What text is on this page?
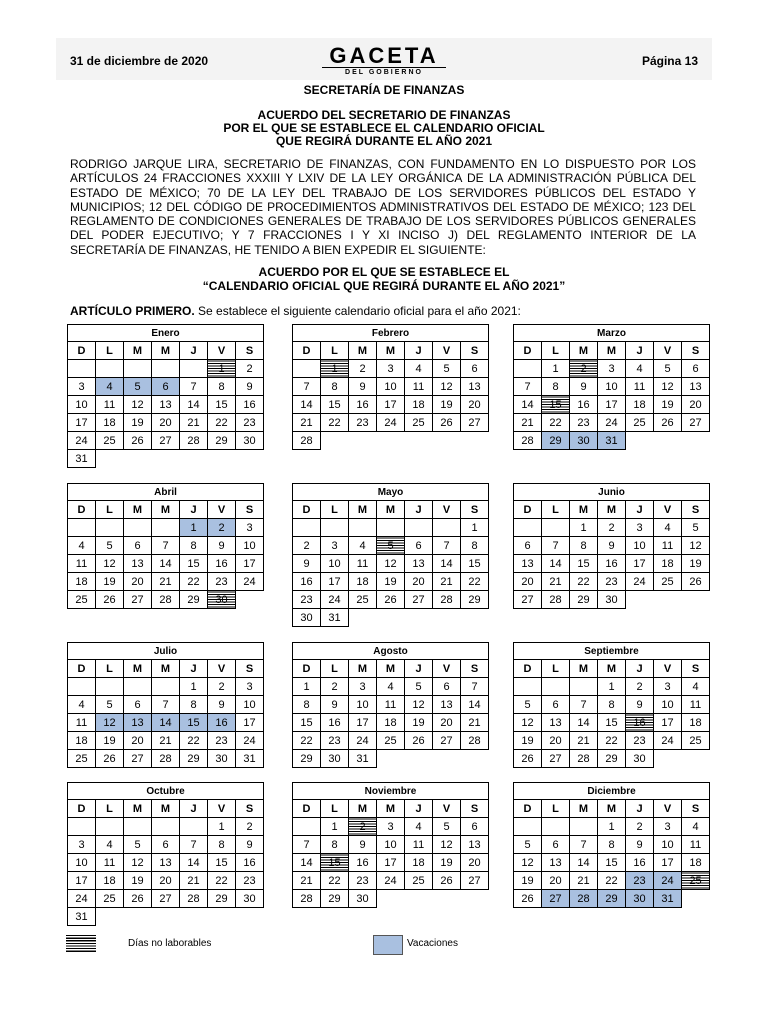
31 de diciembre de 2020	GACETA
DEL GOBIERNO
Página 13
SECRETARÍA DE FINANZAS
ACUERDO DEL SECRETARIO DE FINANZAS
POR EL QUE SE ESTABLECE EL CALENDARIO OFICIAL
QUE REGIRÁ DURANTE EL AÑO 2021
RODRIGO JARQUE LIRA, SECRETARIO DE FINANZAS, CON FUNDAMENTO EN LO DISPUESTO POR LOS ARTÍCULOS 24 FRACCIONES XXXIII Y LXIV DE LA LEY ORGÁNICA DE LA ADMINISTRACIÓN PÚBLICA DEL ESTADO DE MÉXICO; 70 DE LA LEY DEL TRABAJO DE LOS SERVIDORES PÚBLICOS DEL ESTADO Y MUNICIPIOS; 12 DEL CÓDIGO DE PROCEDIMIENTOS ADMINISTRATIVOS DEL ESTADO DE MÉXICO; 123 DEL REGLAMENTO DE CONDICIONES GENERALES DE TRABAJO DE LOS SERVIDORES PÚBLICOS GENERALES DEL PODER EJECUTIVO; Y 7 FRACCIONES I Y XI INCISO J) DEL REGLAMENTO INTERIOR DE LA SECRETARÍA DE FINANZAS, HE TENIDO A BIEN EXPEDIR EL SIGUIENTE:
ACUERDO POR EL QUE SE ESTABLECE EL
“CALENDARIO OFICIAL QUE REGIRÁ DURANTE EL AÑO 2021”
ARTÍCULO PRIMERO. Se establece el siguiente calendario oficial para el año 2021:
Enero						
D	L	M	M	J	V	S
					1	2
3	4	5	6	7	8	9
10	11	12	13	14	15	16
17	18	19	20	21	22	23
24	25	26	27	28	29	30
31						
Febrero						
D	L	M	M	J	V	S
	1	2	3	4	5	6
7	8	9	10	11	12	13
14	15	16	17	18	19	20
21	22	23	24	25	26	27
28						
Marzo						
D	L	M	M	J	V	S
	1	2	3	4	5	6
7	8	9	10	11	12	13
14	15	16	17	18	19	20
21	22	23	24	25	26	27
28	29	30	31			
Abril						
D	L	M	M	J	V	S
				1	2	3
4	5	6	7	8	9	10
11	12	13	14	15	16	17
18	19	20	21	22	23	24
25	26	27	28	29	30	
Mayo						
D	L	M	M	J	V	S
						1
2	3	4	5	6	7	8
9	10	11	12	13	14	15
16	17	18	19	20	21	22
23	24	25	26	27	28	29
30	31					
Junio						
D	L	M	M	J	V	S
		1	2	3	4	5
6	7	8	9	10	11	12
13	14	15	16	17	18	19
20	21	22	23	24	25	26
27	28	29	30			
Julio						
D	L	M	M	J	V	S
				1	2	3
4	5	6	7	8	9	10
11	12	13	14	15	16	17
18	19	20	21	22	23	24
25	26	27	28	29	30	31
Agosto						
D	L	M	M	J	V	S
1	2	3	4	5	6	7
8	9	10	11	12	13	14
15	16	17	18	19	20	21
22	23	24	25	26	27	28
29	30	31				
Septiembre						
D	L	M	M	J	V	S
			1	2	3	4
5	6	7	8	9	10	11
12	13	14	15	16	17	18
19	20	21	22	23	24	25
26	27	28	29	30		
Octubre						
D	L	M	M	J	V	S
					1	2
3	4	5	6	7	8	9
10	11	12	13	14	15	16
17	18	19	20	21	22	23
24	25	26	27	28	29	30
31						
Noviembre						
D	L	M	M	J	V	S
	1	2	3	4	5	6
7	8	9	10	11	12	13
14	15	16	17	18	19	20
21	22	23	24	25	26	27
28	29	30				
Diciembre						
D	L	M	M	J	V	S
			1	2	3	4
5	6	7	8	9	10	11
12	13	14	15	16	17	18
19	20	21	22	23	24	25
26	27	28	29	30	31	
Días no laborables	Vacaciones
